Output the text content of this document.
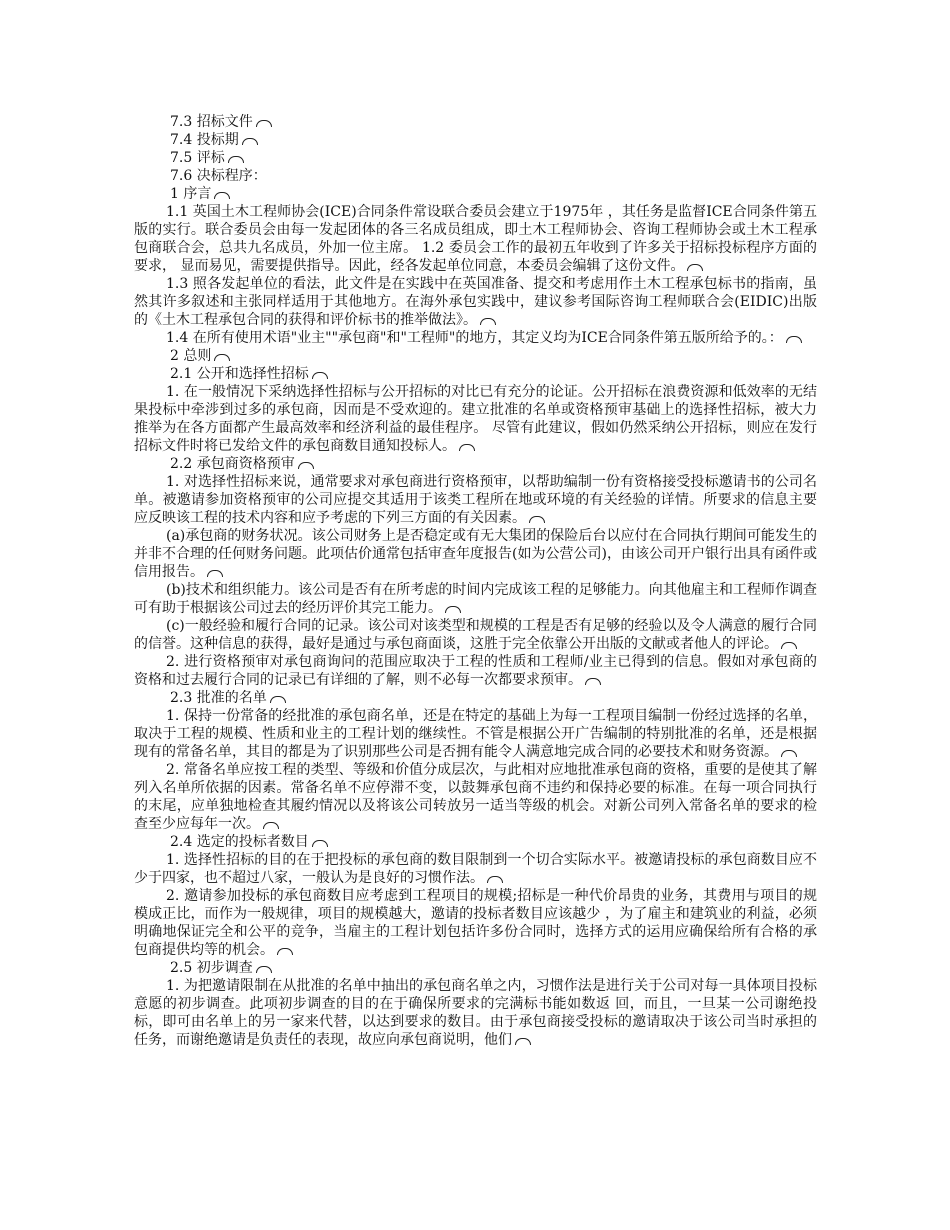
7.3 招标文件

7.4 投标期

7.5 评标

7.6 决标程序：

1 序言

1.1 英国土木工程师协会(ICE)合同条件常设联合委员会建立于1975年 ，其任务是监督ICE合同条件第五版的实行。联合委员会由每一发起团体的各三名成员组成，即土木工程师协会、咨询工程师协会或土木工程承包商联合会，总共九名成员，外加一位主席。 1.2 委员会工作的最初五年收到了许多关于招标投标程序方面的要求， 显而易见，需要提供指导。因此，经各发起单位同意，本委员会编辑了这份文件。

1.3 照各发起单位的看法，此文件是在实践中在英国准备、提交和考虑用作土木工程承包标书的指南，虽然其许多叙述和主张同样适用于其他地方。在海外承包实践中，建议参考国际咨询工程师联合会(EIDIC)出版的《土木工程承包合同的获得和评价标书的推举做法》。

1.4 在所有使用术语"业主""承包商"和"工程师"的地方，其定义均为ICE合同条件第五版所给予的。：

2 总则

2.1 公开和选择性招标

1. 在一般情况下采纳选择性招标与公开招标的对比已有充分的论证。公开招标在浪费资源和低效率的无结果投标中牵涉到过多的承包商，因而是不受欢迎的。建立批准的名单或资格预审基础上的选择性招标，被大力推举为在各方面都产生最高效率和经济利益的最佳程序。 尽管有此建议，假如仍然采纳公开招标，则应在发行招标文件时将已发给文件的承包商数目通知投标人。

2.2 承包商资格预审

1. 对选择性招标来说，通常要求对承包商进行资格预审，以帮助编制一份有资格接受投标邀请书的公司名单。被邀请参加资格预审的公司应提交其适用于该类工程所在地或环境的有关经验的详情。所要求的信息主要应反映该工程的技术内容和应予考虑的下列三方面的有关因素。

(a)承包商的财务状况。该公司财务上是否稳定或有无大集团的保险后台以应付在合同执行期间可能发生的并非不合理的任何财务问题。此项估价通常包括审查年度报告(如为公营公司)，由该公司开户银行出具有函件或信用报告。

(b)技术和组织能力。该公司是否有在所考虑的时间内完成该工程的足够能力。向其他雇主和工程师作调查可有助于根据该公司过去的经历评价其完工能力。

(c)一般经验和履行合同的记录。该公司对该类型和规模的工程是否有足够的经验以及令人满意的履行合同的信誉。这种信息的获得，最好是通过与承包商面谈，这胜于完全依靠公开出版的文献或者他人的评论。

2. 进行资格预审对承包商询问的范围应取决于工程的性质和工程师/业主已得到的信息。假如对承包商的资格和过去履行合同的记录已有详细的了解，则不必每一次都要求预审。

2.3 批准的名单

1. 保持一份常备的经批准的承包商名单，还是在特定的基础上为每一工程项目编制一份经过选择的名单，取决于工程的规模、性质和业主的工程计划的继续性。不管是根据公开广告编制的特别批准的名单，还是根据现有的常备名单，其目的都是为了识别那些公司是否拥有能令人满意地完成合同的必要技术和财务资源。

2. 常备名单应按工程的类型、等级和价值分成层次，与此相对应地批准承包商的资格，重要的是使其了解列入名单所依据的因素。常备名单不应停滞不变，以鼓舞承包商不违约和保持必要的标准。在每一项合同执行的末尾，应单独地检查其履约情况以及将该公司转放另一适当等级的机会。对新公司列入常备名单的要求的检查至少应每年一次。

2.4 选定的投标者数目

1. 选择性招标的目的在于把投标的承包商的数目限制到一个切合实际水平。被邀请投标的承包商数目应不少于四家，也不超过八家，一般认为是良好的习惯作法。

2. 邀请参加投标的承包商数目应考虑到工程项目的规模;招标是一种代价昂贵的业务，其费用与项目的规模成正比，而作为一般规律，项目的规模越大，邀请的投标者数目应该越少 ，为了雇主和建筑业的利益，必须明确地保证完全和公平的竞争，当雇主的工程计划包括许多份合同时，选择方式的运用应确保给所有合格的承包商提供均等的机会。

2.5 初步调查

1. 为把邀请限制在从批准的名单中抽出的承包商名单之内，习惯作法是进行关于公司对每一具体项目投标意愿的初步调查。此项初步调查的目的在于确保所要求的完满标书能如数返 回，而且，一旦某一公司谢绝投标，即可由名单上的另一家来代替，以达到要求的数目。由于承包商接受投标的邀请取决于该公司当时承担的任务，而谢绝邀请是负责任的表现，故应向承包商说明，他们
